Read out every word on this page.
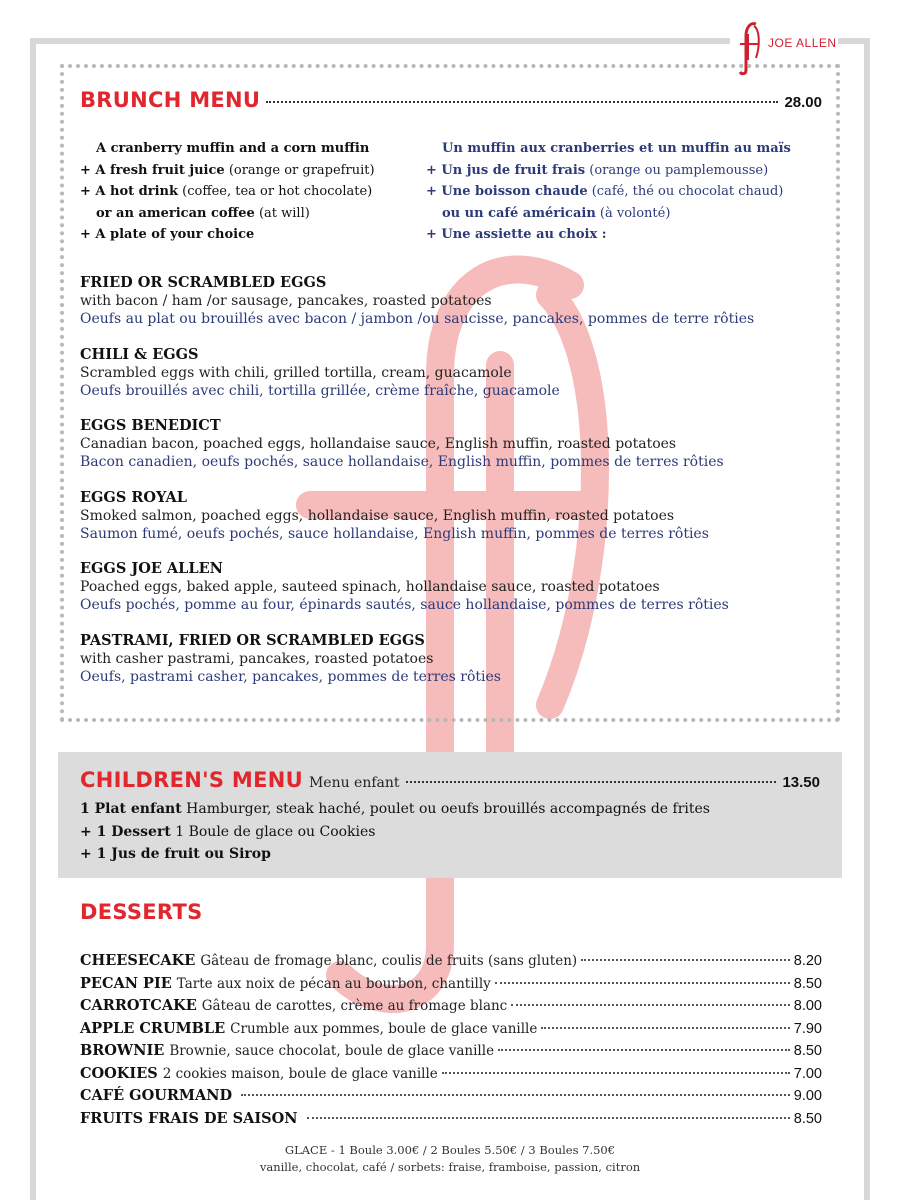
JOE ALLEN
BRUNCH MENU	28.00
A cranberry muffin and a corn muffin
+ A fresh fruit juice (orange or grapefruit)
+ A hot drink (coffee, tea or hot chocolate)
or an american coffee (at will)
+ A plate of your choice
Un muffin aux cranberries et un muffin au maïs
+ Un jus de fruit frais (orange ou pamplemousse)
+ Une boisson chaude (café, thé ou chocolat chaud)
ou un café américain (à volonté)
+ Une assiette au choix :
FRIED OR SCRAMBLED EGGS
with bacon / ham /or sausage, pancakes, roasted potatoes
Oeufs au plat ou brouillés avec bacon / jambon /ou saucisse, pancakes, pommes de terre rôties
CHILI & EGGS
Scrambled eggs with chili, grilled tortilla, cream, guacamole
Oeufs brouillés avec chili, tortilla grillée, crème fraîche, guacamole
EGGS BENEDICT
Canadian bacon, poached eggs, hollandaise sauce, English muffin, roasted potatoes
Bacon canadien, oeufs pochés, sauce hollandaise, English muffin, pommes de terres rôties
EGGS ROYAL
Smoked salmon, poached eggs, hollandaise sauce, English muffin, roasted potatoes
Saumon fumé, oeufs pochés, sauce hollandaise, English muffin, pommes de terres rôties
EGGS JOE ALLEN
Poached eggs, baked apple, sauteed spinach, hollandaise sauce, roasted potatoes
Oeufs pochés, pomme au four, épinards sautés, sauce hollandaise, pommes de terres rôties
PASTRAMI, FRIED OR SCRAMBLED EGGS
with casher pastrami, pancakes, roasted potatoes
Oeufs, pastrami casher, pancakes, pommes de terres rôties
CHILDREN'S MENU Menu enfant	13.50
1 Plat enfant Hamburger, steak haché, poulet ou oeufs brouillés accompagnés de frites
+ 1 Dessert 1 Boule de glace ou Cookies
+ 1 Jus de fruit ou Sirop
DESSERTS
CHEESECAKE Gâteau de fromage blanc, coulis de fruits (sans gluten)	8.20
PECAN PIE Tarte aux noix de pécan au bourbon, chantilly	8.50
CARROTCAKE Gâteau de carottes, crème au fromage blanc	8.00
APPLE CRUMBLE Crumble aux pommes, boule de glace vanille	7.90
BROWNIE Brownie, sauce chocolat, boule de glace vanille	8.50
COOKIES 2 cookies maison, boule de glace vanille	7.00
CAFÉ GOURMAND	9.00
FRUITS FRAIS DE SAISON	8.50
GLACE - 1 Boule 3.00€ / 2 Boules 5.50€ / 3 Boules 7.50€
vanille, chocolat, café / sorbets: fraise, framboise, passion, citron
